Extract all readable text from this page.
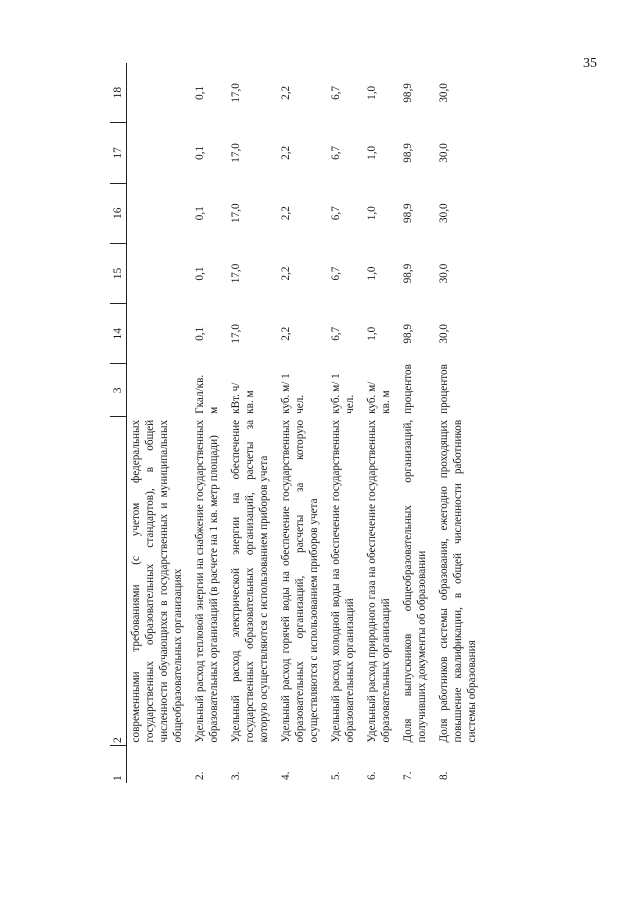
35
1	2	3	14	15	16	17	18
	современными требованиями (с учетом федеральных государственных образовательных стандартов), в общей численности обучающихся в государственных и муниципальных общеобразовательных организациях						
2.	Удельный расход тепловой энергии на снабжение государственных образовательных организаций (в расчете на 1 кв. метр площади)	Гкал/кв. м	0,1	0,1	0,1	0,1	0,1
3.	Удельный расход электрической энергии на обеспечение государственных образовательных организаций, расчеты за которую осуществляются с использованием приборов учета	кВт. ч/ кв. м	17,0	17,0	17,0	17,0	17,0
4.	Удельный расход горячей воды на обеспечение государственных образовательных организаций, расчеты за которую осуществляются с использованием приборов учета	куб. м/ 1 чел.	2,2	2,2	2,2	2,2	2,2
5.	Удельный расход холодной воды на обеспечение государственных образовательных организаций	куб. м/ 1 чел.	6,7	6,7	6,7	6,7	6,7
6.	Удельный расход природного газа на обеспечение государственных образовательных организаций	куб. м/ кв. м	1,0	1,0	1,0	1,0	1,0
7.	Доля выпускников общеобразовательных организаций, получивших документы об образовании	процентов	98,9	98,9	98,9	98,9	98,9
8.	Доля работников системы образования, ежегодно проходящих повышение квалификации, в общей численности работников системы образования	процентов	30,0	30,0	30,0	30,0	30,0
